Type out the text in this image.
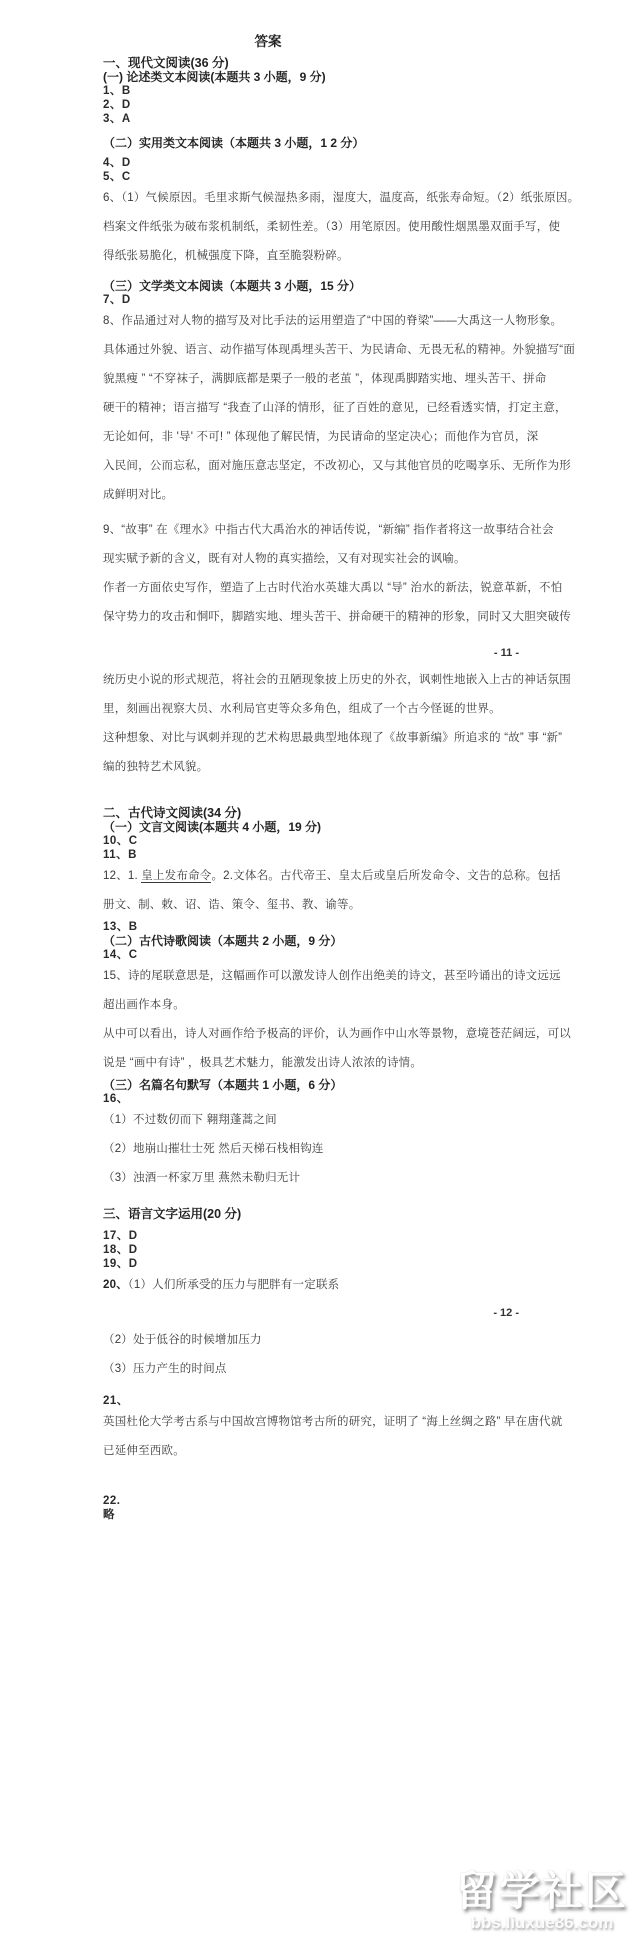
答案
一、现代文阅读(36 分)
(一) 论述类文本阅读(本题共 3 小题，9 分)
1、B
2、D
3、A
（二）实用类文本阅读（本题共 3 小题，1 2 分）
4、D
5、C
6、（1）气候原因。毛里求斯气候湿热多雨，湿度大，温度高，纸张寿命短。（2）纸张原因。
档案文件纸张为破布浆机制纸，柔韧性差。（3）用笔原因。使用酸性烟黑墨双面手写，使
得纸张易脆化，机械强度下降，直至脆裂粉碎。
（三）文学类文本阅读（本题共 3 小题，15 分）
7、D
8、作品通过对人物的描写及对比手法的运用塑造了“中国的脊梁”——大禹这一人物形象。
具体通过外貌、语言、动作描写体现禹埋头苦干、为民请命、无畏无私的精神。外貌描写“面
貌黑瘦 ” “不穿袜子，满脚底都是栗子一般的老茧 ”，体现禹脚踏实地、埋头苦干、拼命
硬干的精神；语言描写 “我查了山泽的情形，征了百姓的意见，已经看透实情，打定主意，
无论如何，非 '导' 不可! ” 体现他了解民情，为民请命的坚定决心；而他作为官员，深
入民间，公而忘私，面对施压意志坚定，不改初心，又与其他官员的吃喝享乐、无所作为形
成鲜明对比。
9、“故事” 在《理水》中指古代大禹治水的神话传说，“新编” 指作者将这一故事结合社会
现实赋予新的含义，既有对人物的真实描绘，又有对现实社会的讽喻。
作者一方面依史写作，塑造了上古时代治水英雄大禹以 “导” 治水的新法，锐意革新，不怕
保守势力的攻击和恫吓，脚踏实地、埋头苦干、拼命硬干的精神的形象，同时又大胆突破传
- 11 -
统历史小说的形式规范，将社会的丑陋现象披上历史的外衣，讽刺性地嵌入上古的神话氛围
里，刻画出视察大员、水利局官吏等众多角色，组成了一个古今怪诞的世界。
这种想象、对比与讽刺并现的艺术构思最典型地体现了《故事新编》所追求的 “故” 事 “新”
编的独特艺术风貌。
二、古代诗文阅读(34 分)
（一）文言文阅读(本题共 4 小题，19 分)
10、C
11、B
12、1. 皇上发布命令。2.文体名。古代帝王、皇太后或皇后所发命令、文告的总称。包括
册文、制、敕、诏、诰、策令、玺书、教、谕等。
13、B
（二）古代诗歌阅读（本题共 2 小题，9 分）
14、C
15、诗的尾联意思是，这幅画作可以激发诗人创作出绝美的诗文，甚至吟诵出的诗文远远
超出画作本身。
从中可以看出，诗人对画作给予极高的评价，认为画作中山水等景物，意境苍茫阔远，可以
说是 “画中有诗” ，极具艺术魅力，能激发出诗人浓浓的诗情。
（三）名篇名句默写（本题共 1 小题，6 分）
16、
（1）不过数仞而下 翱翔蓬蒿之间
（2）地崩山摧壮士死 然后天梯石栈相钩连
（3）浊酒一杯家万里 燕然未勒归无计
三、语言文字运用(20 分)
17、D
18、D
19、D
20、（1）人们所承受的压力与肥胖有一定联系
- 12 -
（2）处于低谷的时候增加压力
（3）压力产生的时间点
21、
英国杜伦大学考古系与中国故宫博物馆考古所的研究，证明了 “海上丝绸之路” 早在唐代就
已延伸至西欧。
22.
略
留学社区
bbs.liuxue86.com
